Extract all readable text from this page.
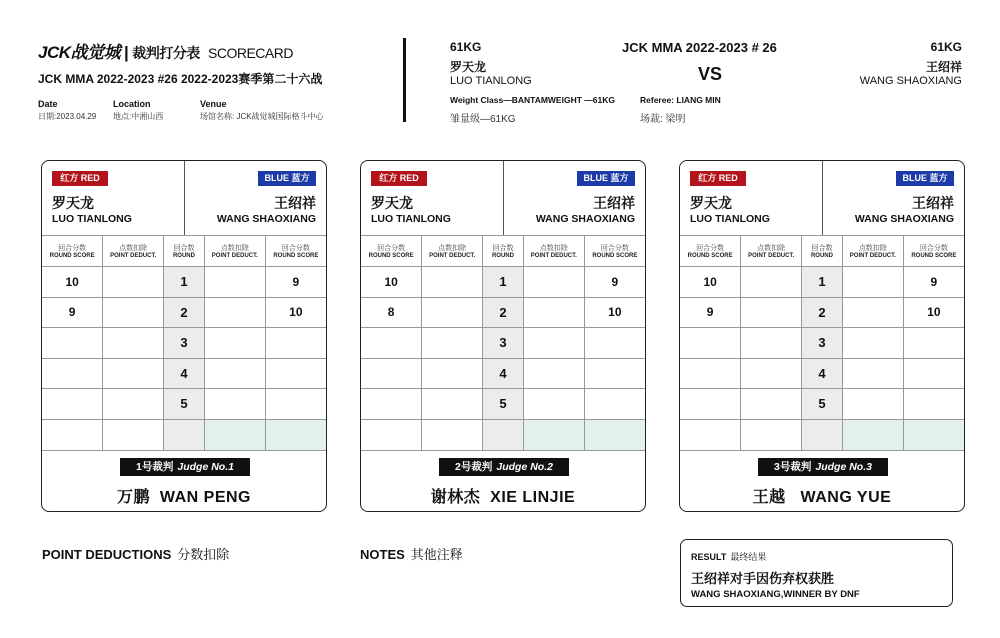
JCK战觉城 | 裁判打分表 SCORECARD
JCK MMA 2022-2023 #26 2022-2023赛季第二十六战
Date
日期:2023.04.29
Location
地点:中湘山西
Venue
场馆名称: JCK战觉城国际格斗中心
61KG
罗天龙
LUO TIANLONG
Weight Class—BANTAMWEIGHT —61KG
雏量级—61KG
JCK MMA 2022-2023 # 26
VS
Referee: LIANG MIN
场裁: 梁明
61KG
王绍祥
WANG SHAOXIANG
红方 RED	BLUE 蓝方
罗天龙
LUO TIANLONG
王绍祥
WANG SHAOXIANG
回合分数
ROUND SCORE	点数扣除
POINT DEDUCT.	回合数
ROUND	点数扣除
POINT DEDUCT.	回合分数
ROUND SCORE

10		1		9
9		2		10
		3		
		4		
		5		

1号裁判 Judge No.1
万鹏  WAN PENG
红方 RED	BLUE 蓝方
罗天龙
LUO TIANLONG
王绍祥
WANG SHAOXIANG
回合分数
ROUND SCORE	点数扣除
POINT DEDUCT.	回合数
ROUND	点数扣除
POINT DEDUCT.	回合分数
ROUND SCORE

10		1		9
8		2		10
		3		
		4		
		5		

2号裁判 Judge No.2
谢林杰  XIE LINJIE
红方 RED	BLUE 蓝方
罗天龙
LUO TIANLONG
王绍祥
WANG SHAOXIANG
回合分数
ROUND SCORE	点数扣除
POINT DEDUCT.	回合数
ROUND	点数扣除
POINT DEDUCT.	回合分数
ROUND SCORE

10		1		9
9		2		10
		3		
		4		
		5		

3号裁判 Judge No.3
王越   WANG YUE
POINT DEDUCTIONS 分数扣除	NOTES 其他注释	RESULT 最终结果
王绍祥对手因伤弃权获胜
WANG SHAOXIANG,WINNER BY DNF
